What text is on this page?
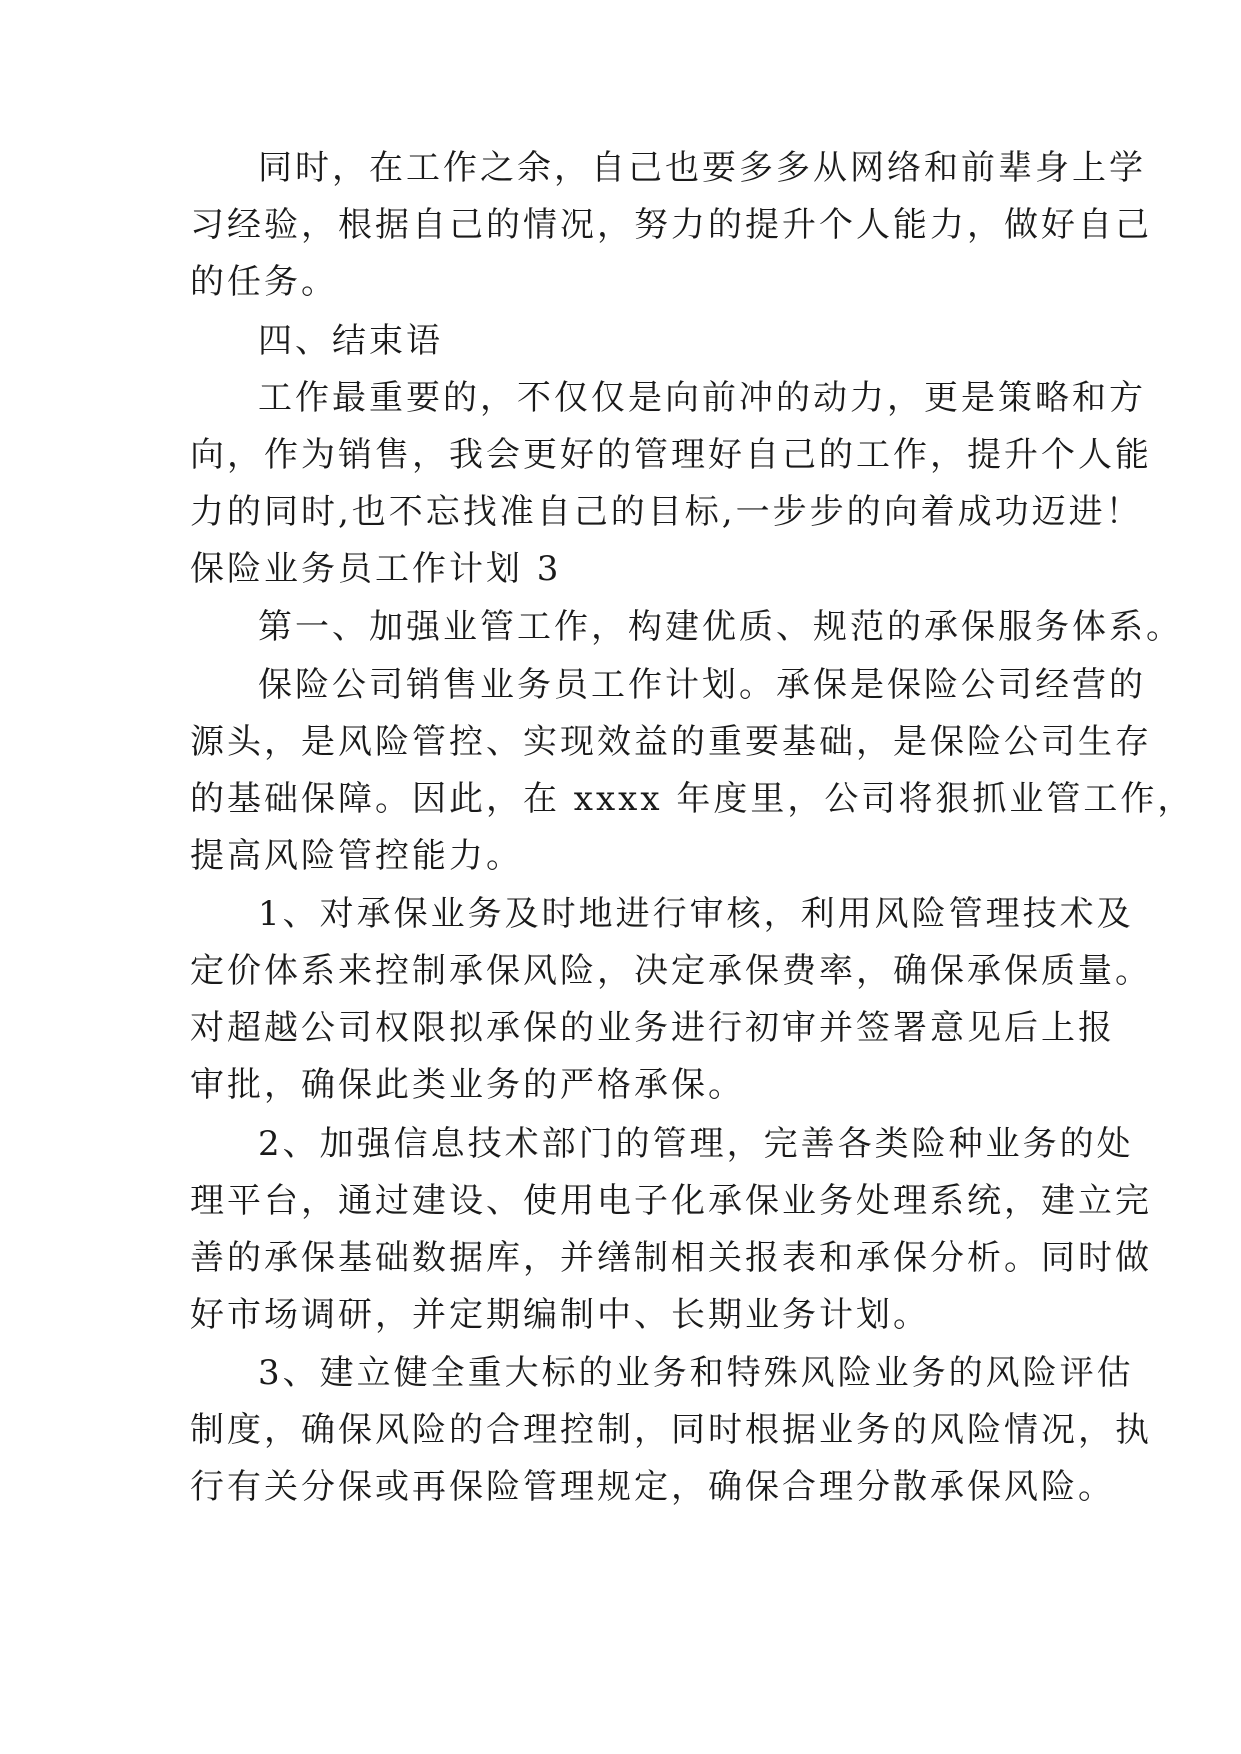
同时，在工作之余，自己也要多多从网络和前辈身上学
习经验，根据自己的情况，努力的提升个人能力，做好自己
的任务。
四、结束语
工作最重要的，不仅仅是向前冲的动力，更是策略和方
向，作为销售，我会更好的管理好自己的工作，提升个人能
力的同时,也不忘找准自己的目标,一步步的向着成功迈进！
保险业务员工作计划 3
第一、加强业管工作，构建优质、规范的承保服务体系。
保险公司销售业务员工作计划。承保是保险公司经营的
源头，是风险管控、实现效益的重要基础，是保险公司生存
的基础保障。因此，在 xxxx 年度里，公司将狠抓业管工作，
提高风险管控能力。
1、对承保业务及时地进行审核，利用风险管理技术及
定价体系来控制承保风险，决定承保费率，确保承保质量。
对超越公司权限拟承保的业务进行初审并签署意见后上报
审批，确保此类业务的严格承保。
2、加强信息技术部门的管理，完善各类险种业务的处
理平台，通过建设、使用电子化承保业务处理系统，建立完
善的承保基础数据库，并缮制相关报表和承保分析。同时做
好市场调研，并定期编制中、长期业务计划。
3、建立健全重大标的业务和特殊风险业务的风险评估
制度，确保风险的合理控制，同时根据业务的风险情况，执
行有关分保或再保险管理规定，确保合理分散承保风险。
